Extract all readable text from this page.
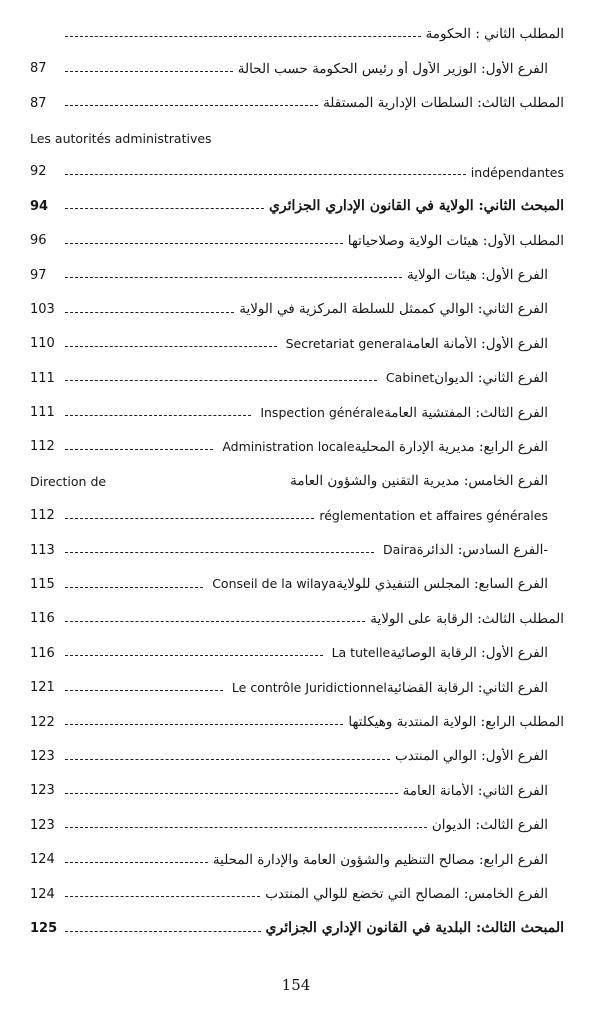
المطلب الثاني : الحكومة
الفرع الأول: الوزير الأول أو رئيس الحكومة حسب الحالة
87
المطلب الثالث: السلطات الإدارية المستقلة
87
Les autorités administratives
indépendantes
92
المبحث الثاني: الولاية في القانون الإداري الجزائري
94
المطلب الأول: هيئات الولاية وصلاحياتها
96
الفرع الأول: هيئات الولاية
97
الفرع الثاني: الوالي كممثل للسلطة المركزية في الولاية
103
الفرع الأول: الأمانة العامة Secretariat general
110
الفرع الثاني: الديوان Cabinet
111
الفرع الثالث: المفتشية العامة Inspection générale
111
الفرع الرابع: مديرية الإدارة المحلية Administration locale
112
الفرع الخامس: مديرية التقنين والشؤون العامة
Direction de
réglementation et affaires générales
112
-الفرع السادس: الدائرة Daira
113
الفرع السابع: المجلس التنفيذي للولاية Conseil de la wilaya
115
المطلب الثالث: الرقابة على الولاية
116
الفرع الأول: الرقابة الوصائية La tutelle
116
الفرع الثاني: الرقابة القضائية Le contrôle Juridictionnel
121
المطلب الرابع: الولاية المنتدبة وهيكلتها
122
الفرع الأول: الوالي المنتدب
123
الفرع الثاني: الأمانة العامة
123
الفرع الثالث: الديوان
123
الفرع الرابع: مصالح التنظيم والشؤون العامة والإدارة المحلية
124
الفرع الخامس: المصالح التي تخضع للوالي المنتدب
124
المبحث الثالث: البلدية في القانون الإداري الجزائري
125
154
